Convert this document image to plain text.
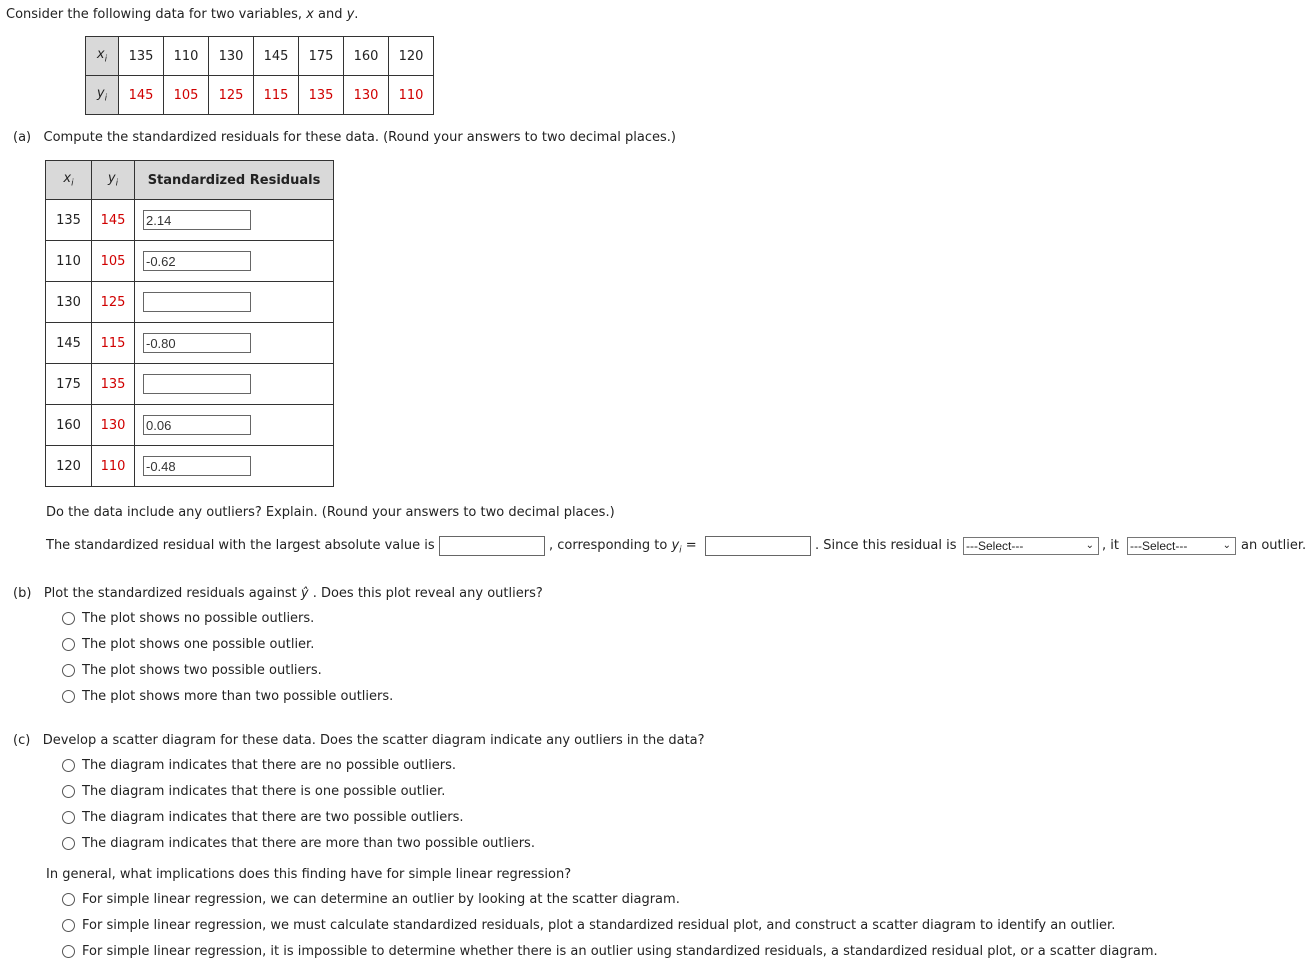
Consider the following data for two variables, x and y.
$x_i$	135	110	130	145	175	160	120
$y_i$	145	105	125	115	135	130	110
(a) Compute the standardized residuals for these data. (Round your answers to two decimal places.)
$x_i$	$y_i$	Standardized Residuals
135	145	2.14
110	105	-0.62
130	125	
145	115	-0.80
175	135	
160	130	0.06
120	110	-0.48
Do the data include any outliers? Explain. (Round your answers to two decimal places.)
The standardized residual with the largest absolute value is	, corresponding to $y_i$ =	. Since this residual is ---Select---	⌄ , it ---Select---	⌄ an outlier.
(b) Plot the standardized residuals against ŷ . Does this plot reveal any outliers?
The plot shows no possible outliers.
The plot shows one possible outlier.
The plot shows two possible outliers.
The plot shows more than two possible outliers.
(c) Develop a scatter diagram for these data. Does the scatter diagram indicate any outliers in the data?
The diagram indicates that there are no possible outliers.
The diagram indicates that there is one possible outlier.
The diagram indicates that there are two possible outliers.
The diagram indicates that there are more than two possible outliers.
In general, what implications does this finding have for simple linear regression?
For simple linear regression, we can determine an outlier by looking at the scatter diagram.
For simple linear regression, we must calculate standardized residuals, plot a standardized residual plot, and construct a scatter diagram to identify an outlier.
For simple linear regression, it is impossible to determine whether there is an outlier using standardized residuals, a standardized residual plot, or a scatter diagram.
